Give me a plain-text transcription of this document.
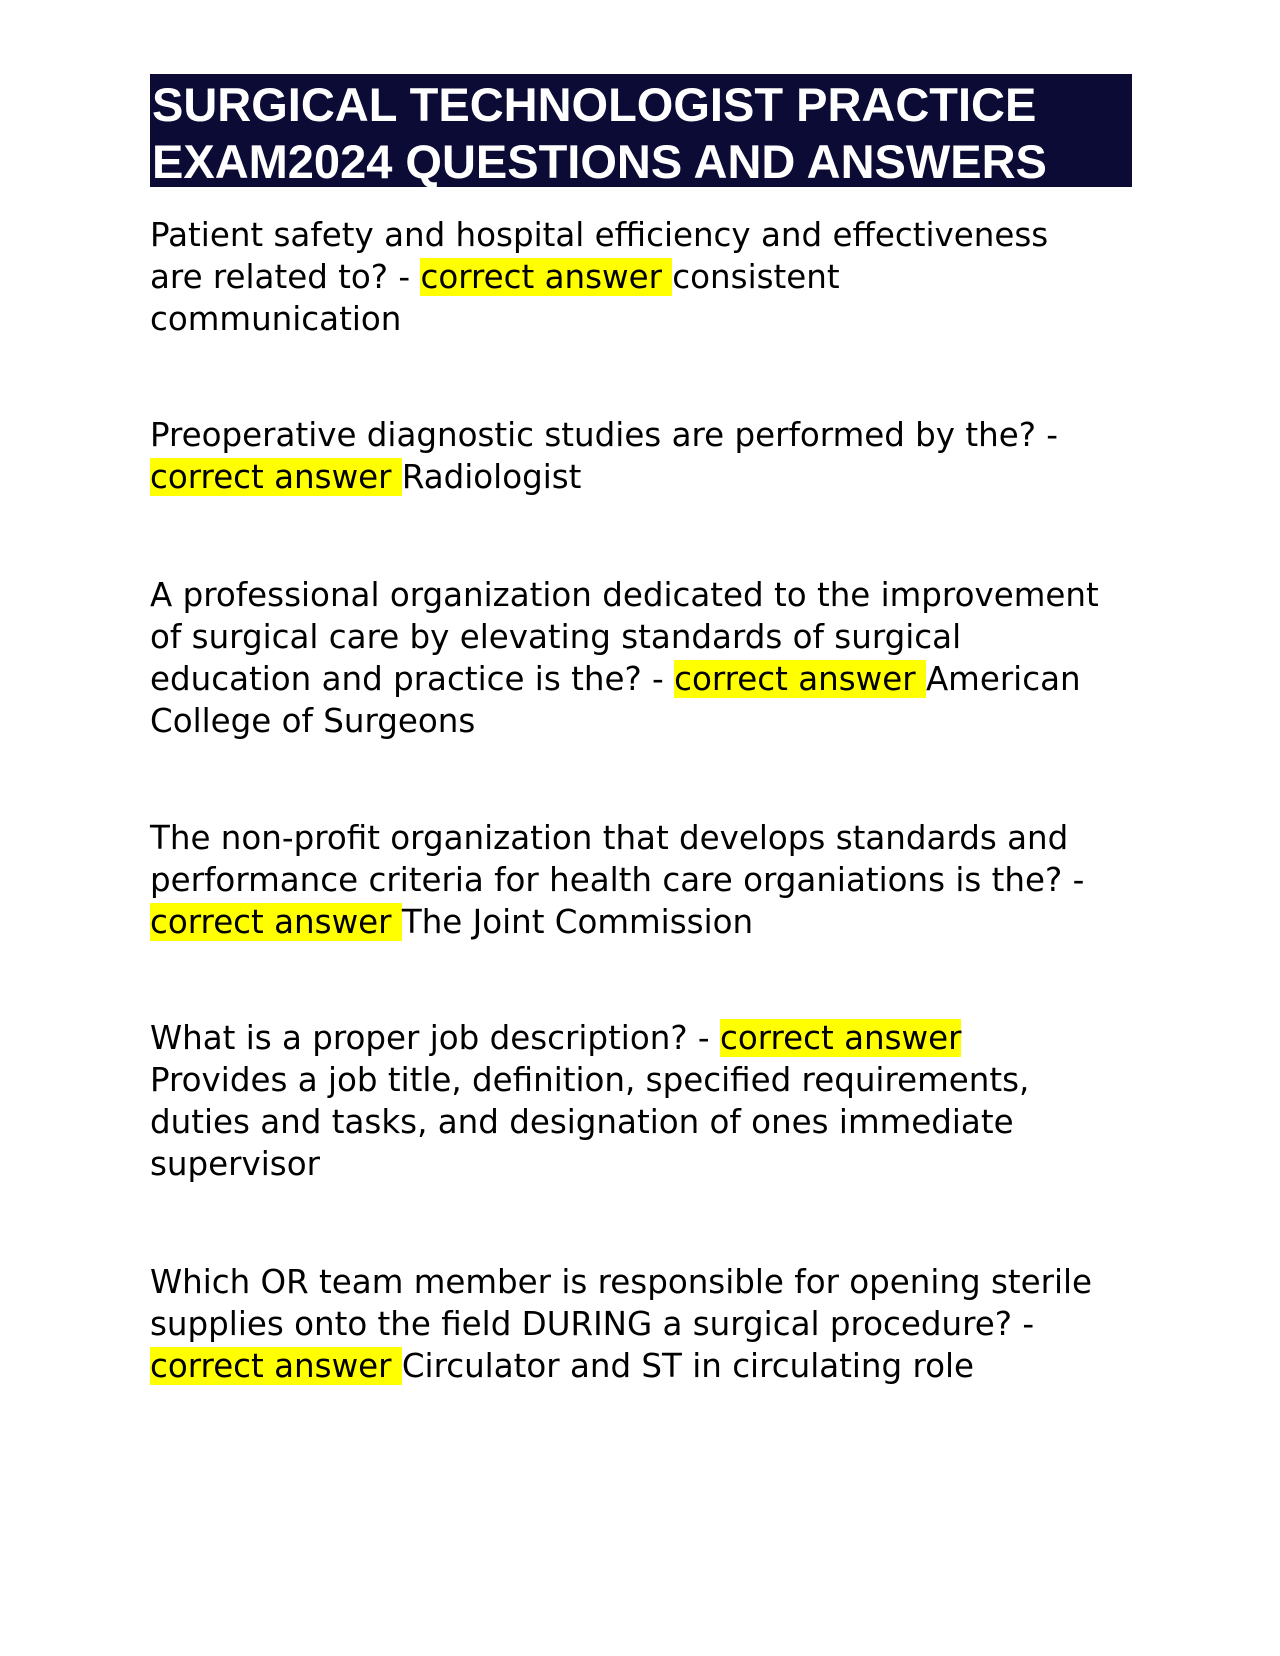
SURGICAL TECHNOLOGIST PRACTICE
EXAM2024 QUESTIONS AND ANSWERS

Patient safety and hospital efficiency and effectiveness
are related to? - correct answer consistent
communication

Preoperative diagnostic studies are performed by the? -
correct answer Radiologist

A professional organization dedicated to the improvement
of surgical care by elevating standards of surgical
education and practice is the? - correct answer American
College of Surgeons

The non-profit organization that develops standards and
performance criteria for health care organiations is the? -
correct answer The Joint Commission

What is a proper job description? - correct answer
Provides a job title, definition, specified requirements,
duties and tasks, and designation of ones immediate
supervisor

Which OR team member is responsible for opening sterile
supplies onto the field DURING a surgical procedure? -
correct answer Circulator and ST in circulating role
